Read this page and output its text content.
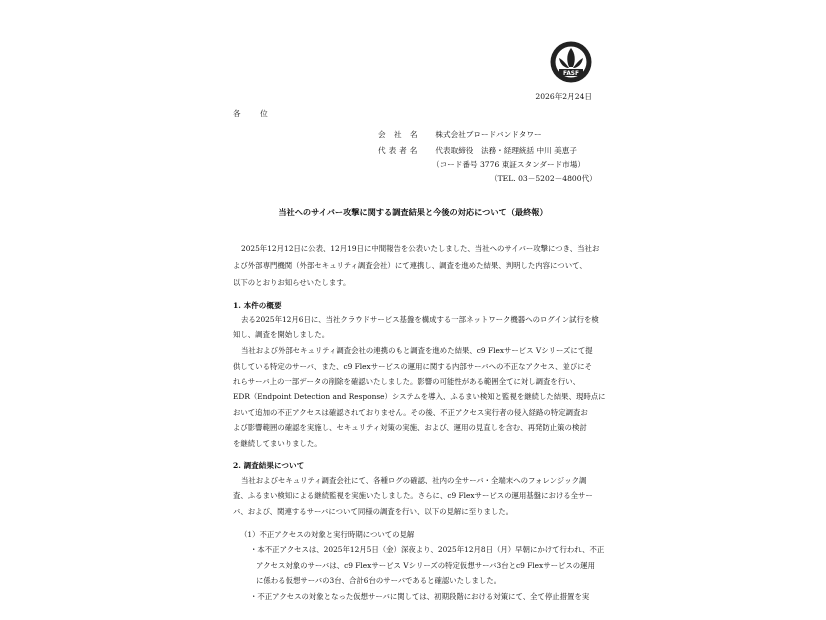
FASF
2026年2月24日
各　位
会 社 名 株式会社ブロードバンドタワー
代表者名 代表取締役　法務・経理統括 中川 美恵子
（コード番号 3776 東証スタンダード市場）
（TEL. 03－5202－4800代）
当社へのサイバー攻撃に関する調査結果と今後の対応について（最終報）
2025年12月12日に公表、12月19日に中間報告を公表いたしました、当社へのサイバー攻撃につき、当社お
よび外部専門機関（外部セキュリティ調査会社）にて連携し、調査を進めた結果、判明した内容について、
以下のとおりお知らせいたします。
1. 本件の概要
去る2025年12月6日に、当社クラウドサービス基盤を構成する一部ネットワーク機器へのログイン試行を検
知し、調査を開始しました。
当社および外部セキュリティ調査会社の連携のもと調査を進めた結果、c9 Flexサービス Vシリーズにて提
供している特定のサーバ、また、c9 Flexサービスの運用に関する内部サーバへの不正なアクセス、並びにそ
れらサーバ上の一部データの削除を確認いたしました。影響の可能性がある範囲全てに対し調査を行い、
EDR（Endpoint Detection and Response）システムを導入、ふるまい検知と監視を継続した結果、現時点に
おいて追加の不正アクセスは確認されておりません。その後、不正アクセス実行者の侵入経路の特定調査お
よび影響範囲の確認を実施し、セキュリティ対策の実施、および、運用の見直しを含む、再発防止策の検討
を継続してまいりました。
2. 調査結果について
当社およびセキュリティ調査会社にて、各種ログの確認、社内の全サーバ・全端末へのフォレンジック調
査、ふるまい検知による継続監視を実施いたしました。さらに、c9 Flexサービスの運用基盤における全サー
バ、および、関連するサーバについて同様の調査を行い、以下の見解に至りました。
（1）不正アクセスの対象と実行時期についての見解
・本不正アクセスは、2025年12月5日（金）深夜より、2025年12月8日（月）早朝にかけて行われ、不正
アクセス対象のサーバは、c9 Flexサービス Vシリーズの特定仮想サーバ3台とc9 Flexサービスの運用
に係わる仮想サーバの3台、合計6台のサーバであると確認いたしました。
・不正アクセスの対象となった仮想サーバに関しては、初期段階における対策にて、全て停止措置を実
